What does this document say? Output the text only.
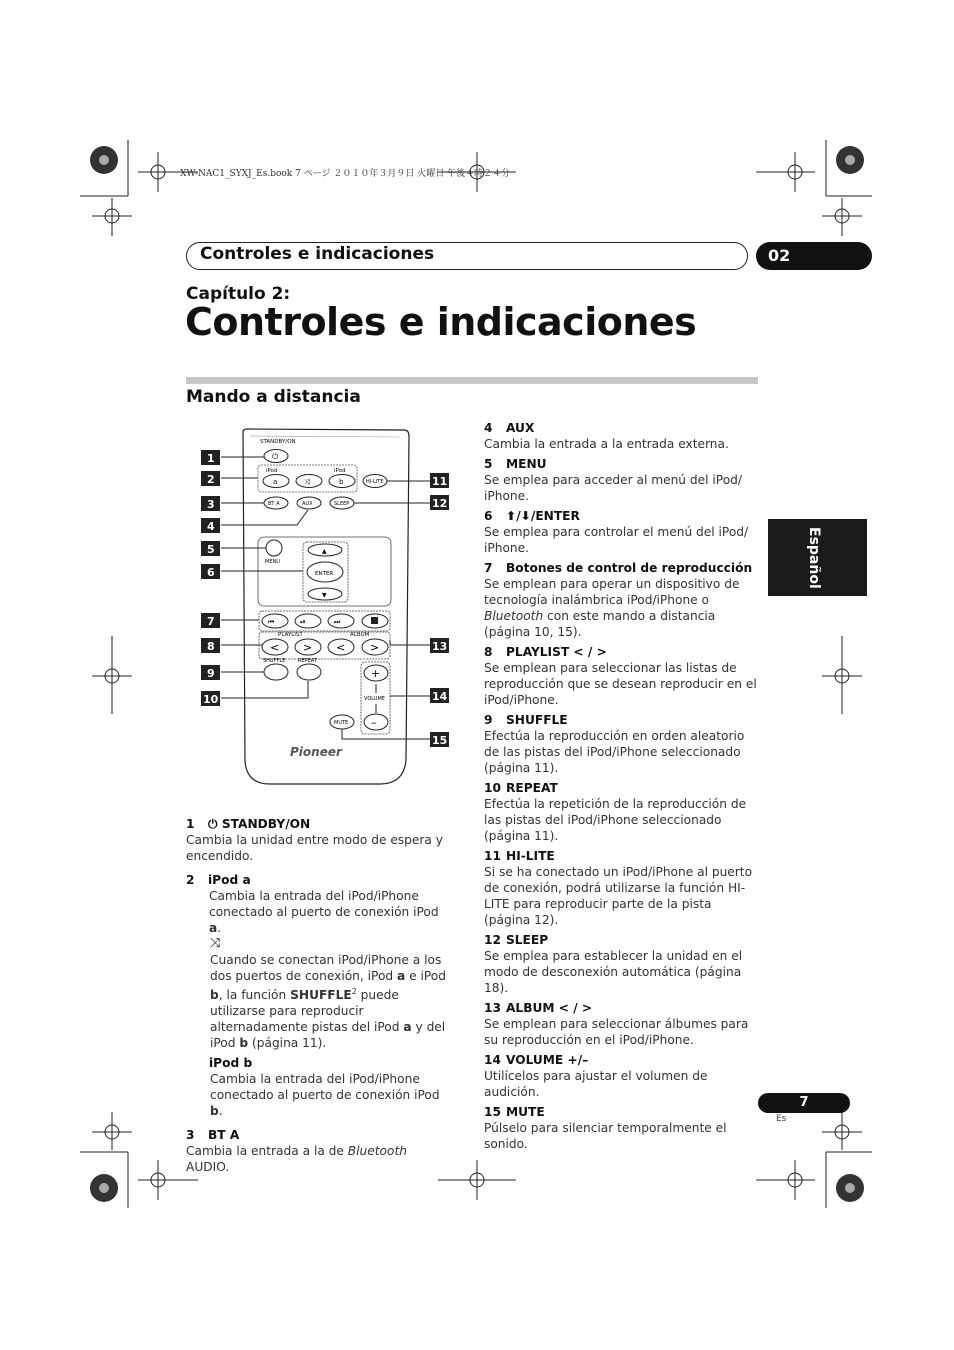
XW-NAC1_SYXJ_Es.book 7 ページ ２０１０年３月９日 火曜日 午後４時２４分
Controles e indicaciones	02
Capítulo 2:
Controles e indicaciones
Mando a distancia
Español
STANDBY/ON
⏻
iPod	iPod
a	⤨	b	HI-LITE
BT A	AUX	SLEEP
MENU
▲
ENTER
▼
⏮	⏯	⏭
PLAYLIST	ALBUM
< > < >
SHUFFLE	REPEAT
+
VOLUME
–
MUTE
Pioneer
1
2
3
4
5
6
7
8
9
10
11
12
13
14
15
1 ⏻ STANDBY/ON

Cambia la unidad entre modo de espera y encendido.

2 iPod a

Cambia la entrada del iPod/iPhone conectado al puerto de conexión iPod a.

⤨

Cuando se conectan iPod/iPhone a los dos puertos de conexión, iPod a e iPod b, la función SHUFFLE$^2$ puede utilizarse para reproducir alternadamente pistas del iPod a y del iPod b (página 11).

iPod b

Cambia la entrada del iPod/iPhone conectado al puerto de conexión iPod b.

3 BT A

Cambia la entrada a la de Bluetooth AUDIO.

4 AUX

Cambia la entrada a la entrada externa.

5 MENU

Se emplea para acceder al menú del iPod/ iPhone.

6 ⬆/⬇/ENTER

Se emplea para controlar el menú del iPod/ iPhone.

7 Botones de control de reproducción

Se emplean para operar un dispositivo de tecnología inalámbrica iPod/iPhone o Bluetooth con este mando a distancia (página 10, 15).

8 PLAYLIST < / >

Se emplean para seleccionar las listas de reproducción que se desean reproducir en el iPod/iPhone.

9 SHUFFLE

Efectúa la reproducción en orden aleatorio de las pistas del iPod/iPhone seleccionado (página 11).

10 REPEAT

Efectúa la repetición de la reproducción de las pistas del iPod/iPhone seleccionado (página 11).

11 HI-LITE

Si se ha conectado un iPod/iPhone al puerto de conexión, podrá utilizarse la función HI-LITE para reproducir parte de la pista (página 12).

12 SLEEP

Se emplea para establecer la unidad en el modo de desconexión automática (página 18).

13 ALBUM < / >

Se emplean para seleccionar álbumes para su reproducción en el iPod/iPhone.

14 VOLUME +/–

Utilícelos para ajustar el volumen de audición.

15 MUTE

Púlselo para silenciar temporalmente el sonido.

7
Es
